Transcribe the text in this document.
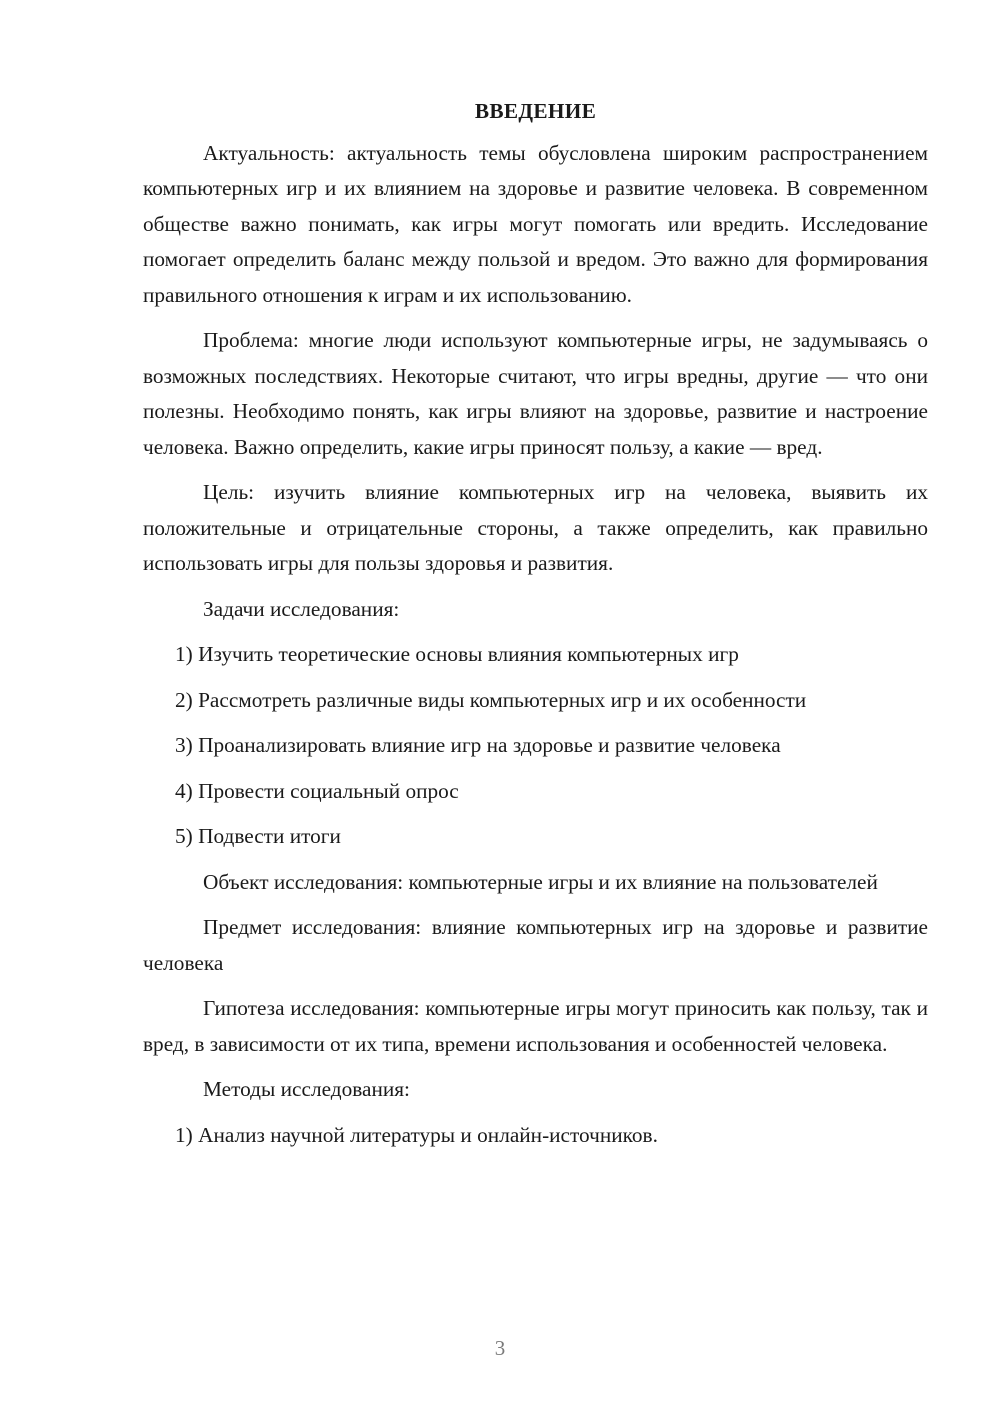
ВВЕДЕНИЕ

Актуальность: актуальность темы обусловлена широким распространением компьютерных игр и их влиянием на здоровье и развитие человека. В современном обществе важно понимать, как игры могут помогать или вредить. Исследование помогает определить баланс между пользой и вредом. Это важно для формирования правильного отношения к играм и их использованию.

Проблема: многие люди используют компьютерные игры, не задумываясь о возможных последствиях. Некоторые считают, что игры вредны, другие — что они полезны. Необходимо понять, как игры влияют на здоровье, развитие и настроение человека. Важно определить, какие игры приносят пользу, а какие — вред.

Цель: изучить влияние компьютерных игр на человека, выявить их положительные и отрицательные стороны, а также определить, как правильно использовать игры для пользы здоровья и развития.

Задачи исследования:

1) Изучить теоретические основы влияния компьютерных игр

2) Рассмотреть различные виды компьютерных игр и их особенности

3) Проанализировать влияние игр на здоровье и развитие человека

4) Провести социальный опрос

5) Подвести итоги

Объект исследования: компьютерные игры и их влияние на пользователей

Предмет исследования: влияние компьютерных игр на здоровье и развитие человека

Гипотеза исследования: компьютерные игры могут приносить как пользу, так и вред, в зависимости от их типа, времени использования и особенностей человека.

Методы исследования:

1) Анализ научной литературы и онлайн-источников.

3
